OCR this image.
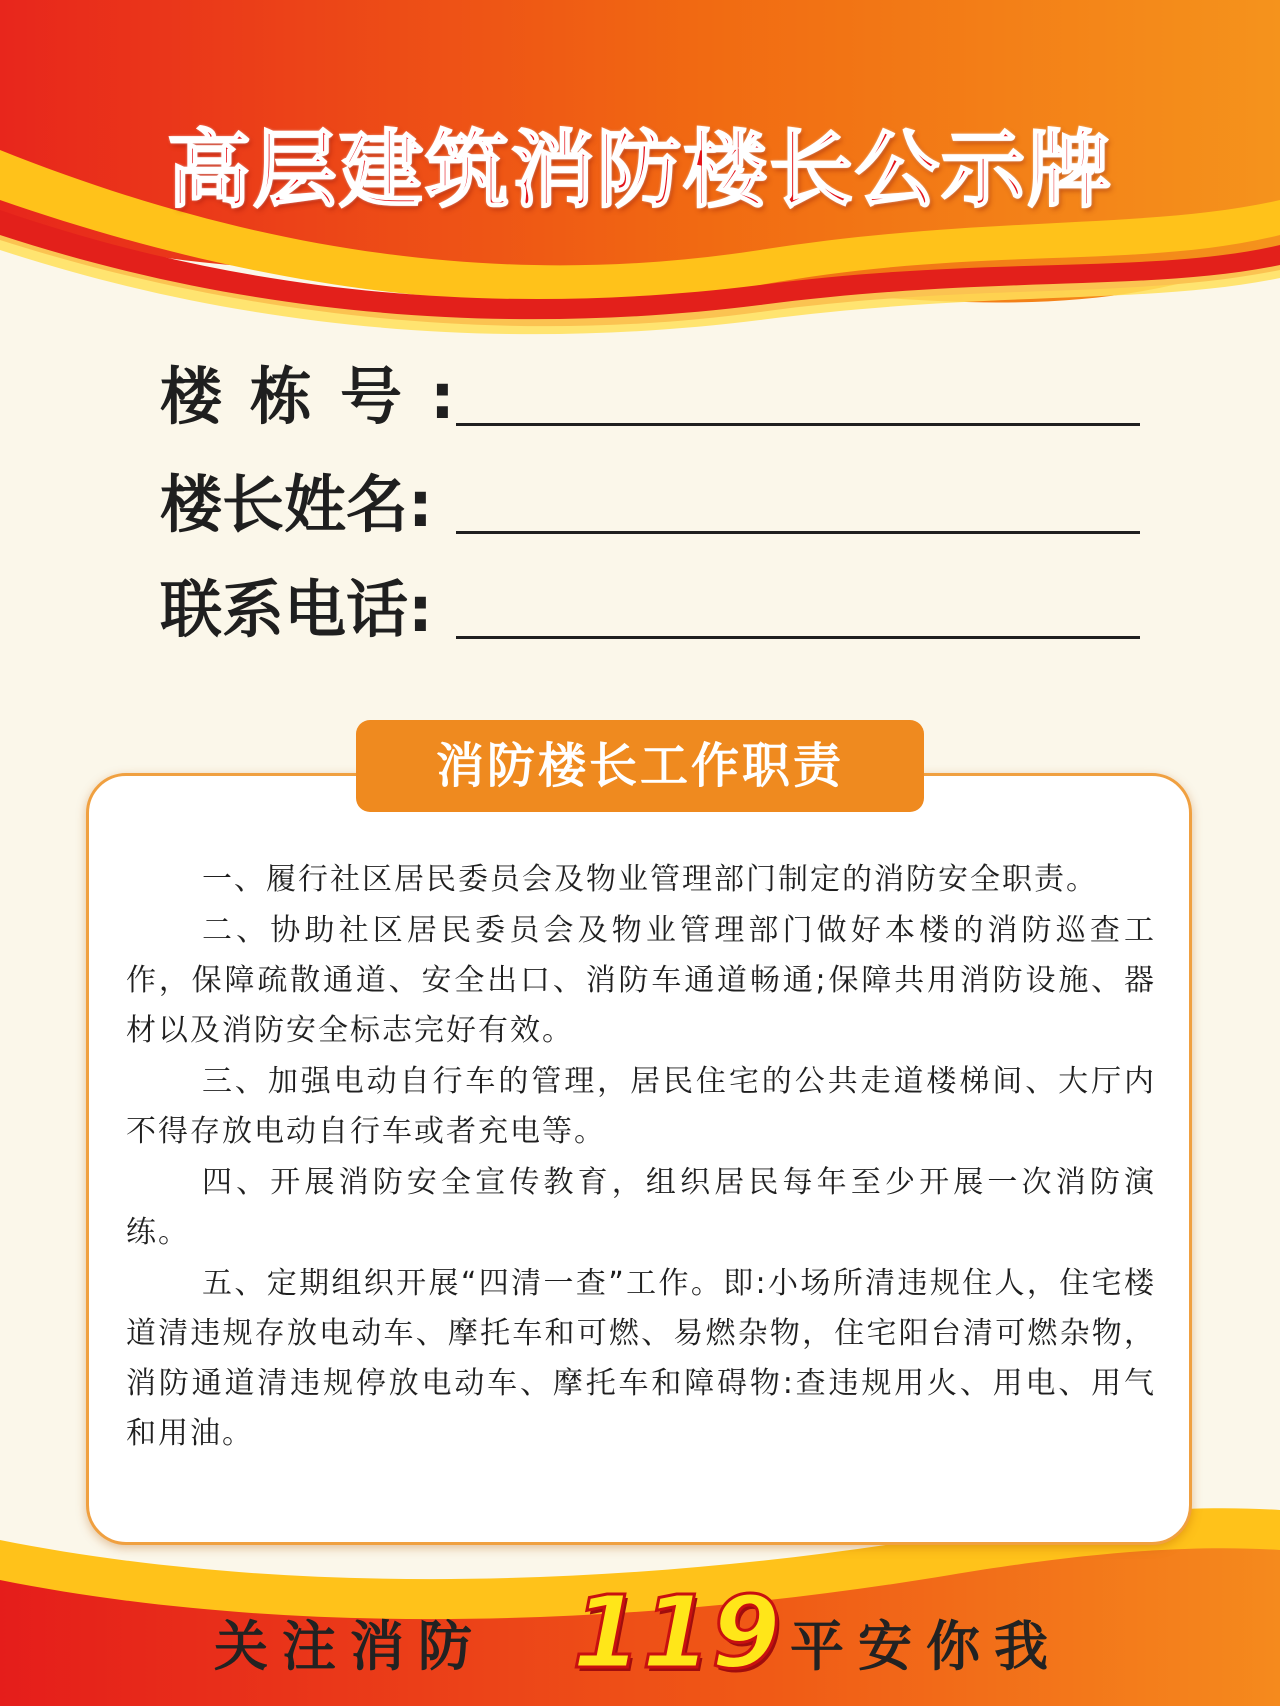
高层建筑消防楼长公示牌
楼栋号:
楼长姓名:
联系电话:
消防楼长工作职责

一、履行社区居民委员会及物业管理部门制定的消防安全职责。

二、协助社区居民委员会及物业管理部门做好本楼的消防巡查工作，保障疏散通道、安全出口、消防车通道畅通;保障共用消防设施、器材以及消防安全标志完好有效。

三、加强电动自行车的管理，居民住宅的公共走道楼梯间、大厅内不得存放电动自行车或者充电等。

四、开展消防安全宣传教育，组织居民每年至少开展一次消防演练。

五、定期组织开展“四清一查”工作。即:小场所清违规住人，住宅楼道清违规存放电动车、摩托车和可燃、易燃杂物，住宅阳台清可燃杂物，消防通道清违规停放电动车、摩托车和障碍物:查违规用火、用电、用气和用油。

关注消防 119 平安你我
